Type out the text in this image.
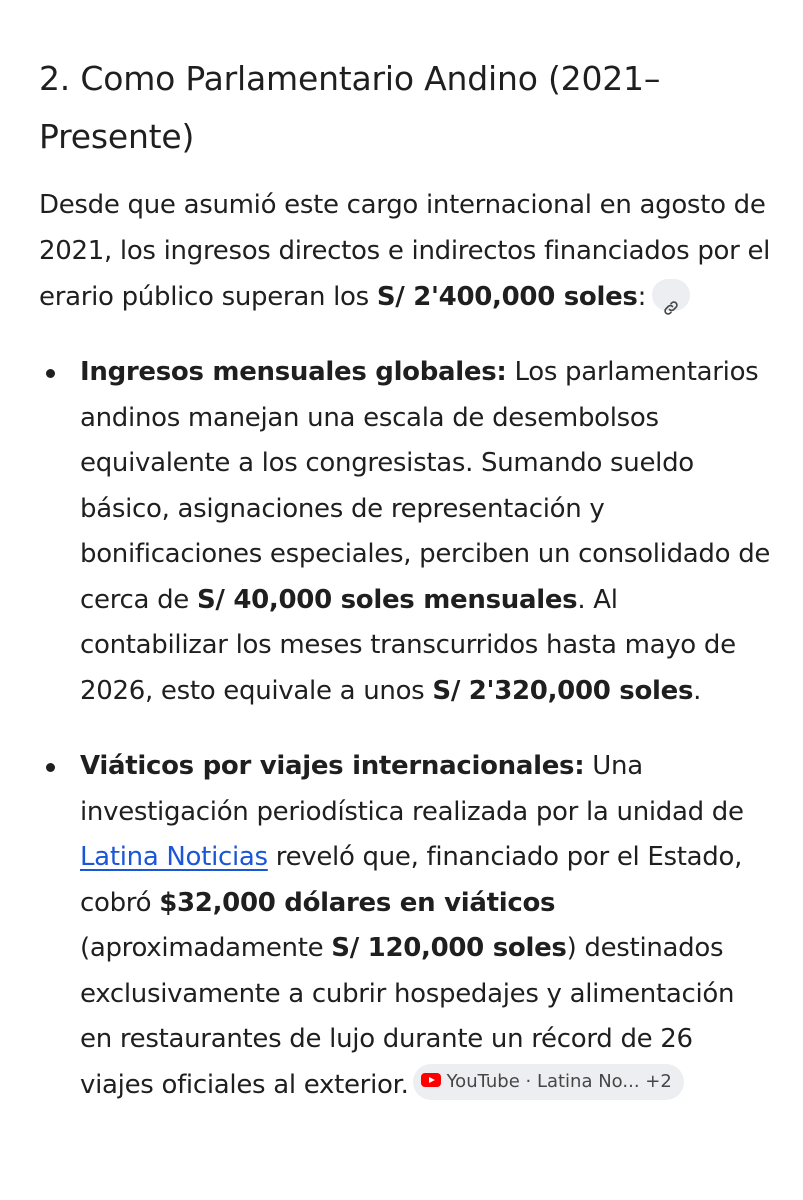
2. Como Parlamentario Andino (2021–Presente)

Desde que asumió este cargo internacional en agosto de 2021, los ingresos directos e indirectos financiados por el erario público superan los S/ 2'400,000 soles:

Ingresos mensuales globales: Los parlamentarios andinos manejan una escala de desembolsos equivalente a los congresistas. Sumando sueldo básico, asignaciones de representación y bonificaciones especiales, perciben un consolidado de cerca de S/ 40,000 soles mensuales. Al contabilizar los meses transcurridos hasta mayo de 2026, esto equivale a unos S/ 2'320,000 soles.
Viáticos por viajes internacionales: Una investigación periodística realizada por la unidad de Latina Noticias reveló que, financiado por el Estado, cobró $32,000 dólares en viáticos (aproximadamente S/ 120,000 soles) destinados exclusivamente a cubrir hospedajes y alimentación en restaurantes de lujo durante un récord de 26 viajes oficiales al exterior. YouTube · Latina No... +2
